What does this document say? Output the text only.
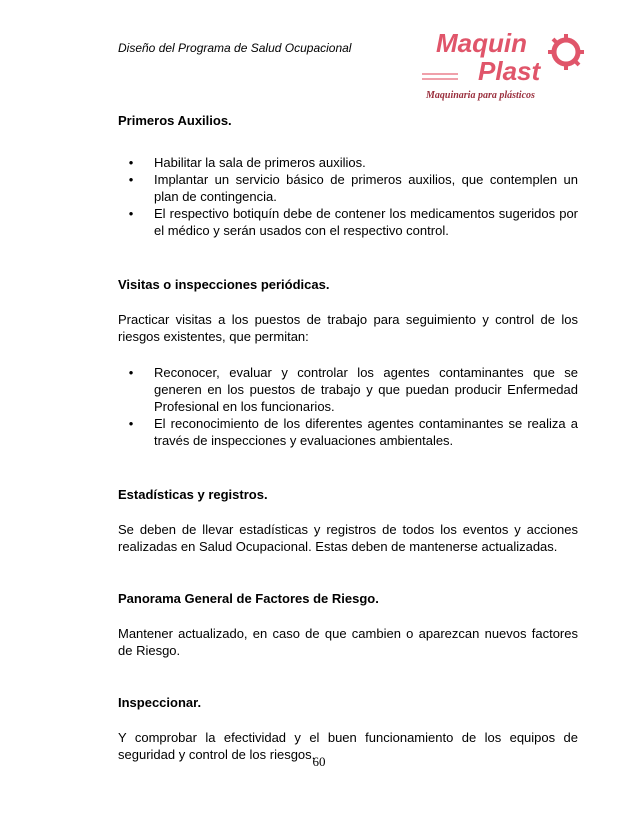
Diseño del Programa de Salud Ocupacional	Maquin
Plast
Maquinaria para plásticos

Primeros Auxilios.

• Habilitar la sala de primeros auxilios.
• Implantar un servicio básico de primeros auxilios, que contemplen un plan de contingencia.
• El respectivo botiquín debe de contener los medicamentos sugeridos por el médico y serán usados con el respectivo control.

Visitas o inspecciones periódicas.

Practicar visitas a los puestos de trabajo para seguimiento y control de los riesgos existentes, que permitan:

• Reconocer, evaluar y controlar los agentes contaminantes que se generen en los puestos de trabajo y que puedan producir Enfermedad Profesional en los funcionarios.
• El reconocimiento de los diferentes agentes contaminantes se realiza a través de inspecciones y evaluaciones ambientales.

Estadísticas y registros.

Se deben de llevar estadísticas y registros de todos los eventos y acciones realizadas en Salud Ocupacional. Estas deben de mantenerse actualizadas.

Panorama General de Factores de Riesgo.

Mantener actualizado, en caso de que cambien o aparezcan nuevos factores de Riesgo.

Inspeccionar.

Y comprobar la efectividad y el buen funcionamiento de los equipos de seguridad y control de los riesgos.

60
